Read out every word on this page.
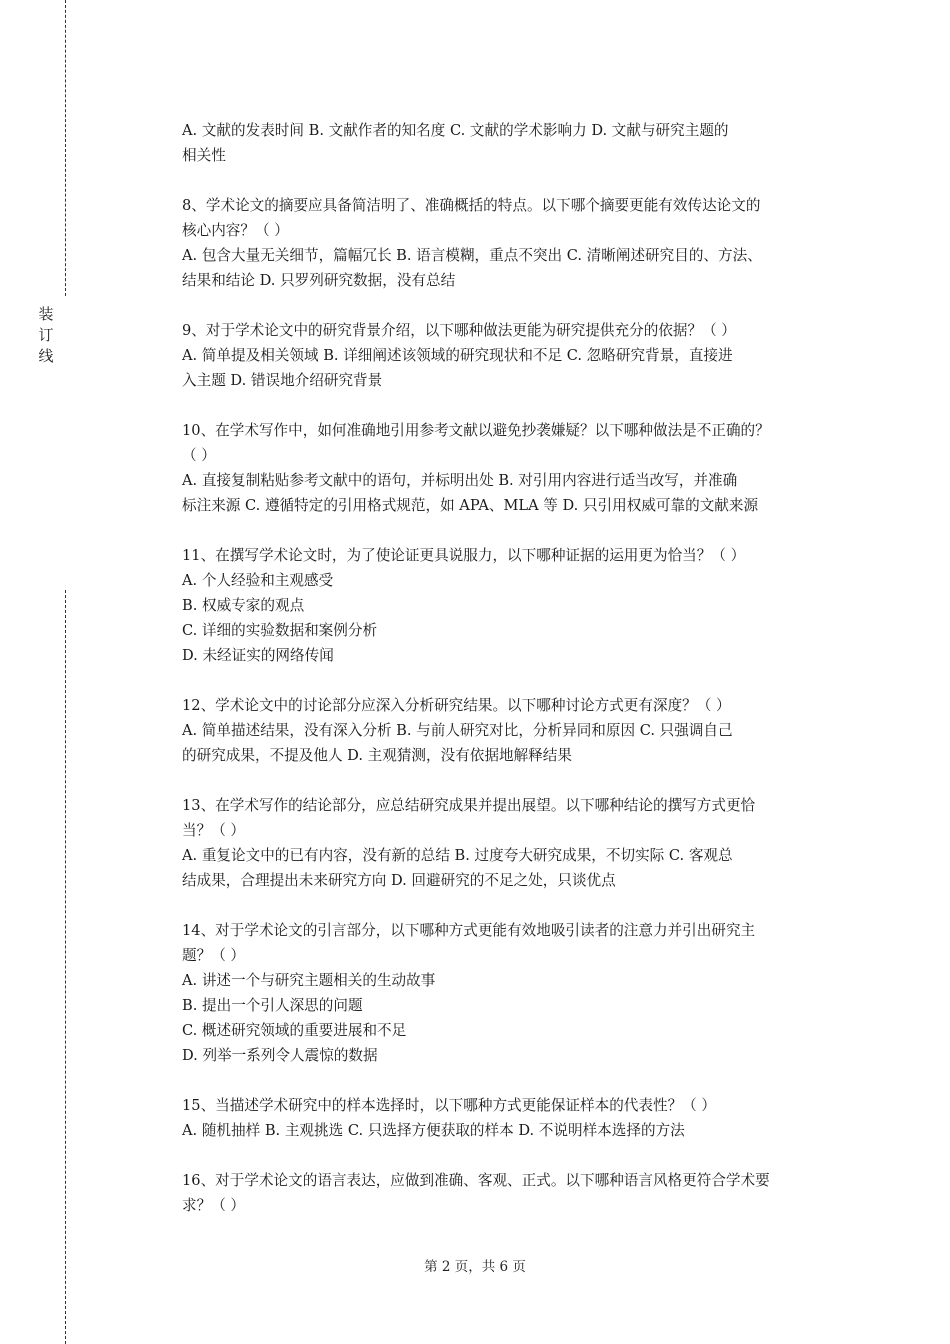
装
订
线
A. 文献的发表时间 B. 文献作者的知名度 C. 文献的学术影响力 D. 文献与研究主题的
相关性
8、学术论文的摘要应具备简洁明了、准确概括的特点。以下哪个摘要更能有效传达论文的
核心内容？（ ）
A. 包含大量无关细节，篇幅冗长 B. 语言模糊，重点不突出 C. 清晰阐述研究目的、方法、
结果和结论 D. 只罗列研究数据，没有总结
9、对于学术论文中的研究背景介绍，以下哪种做法更能为研究提供充分的依据？（ ）
A. 简单提及相关领域 B. 详细阐述该领域的研究现状和不足 C. 忽略研究背景，直接进
入主题 D. 错误地介绍研究背景
10、在学术写作中，如何准确地引用参考文献以避免抄袭嫌疑？以下哪种做法是不正确的？
（ ）
A. 直接复制粘贴参考文献中的语句，并标明出处 B. 对引用内容进行适当改写，并准确
标注来源 C. 遵循特定的引用格式规范，如 APA、MLA 等 D. 只引用权威可靠的文献来源
11、在撰写学术论文时，为了使论证更具说服力，以下哪种证据的运用更为恰当？（ ）
A. 个人经验和主观感受
B. 权威专家的观点
C. 详细的实验数据和案例分析
D. 未经证实的网络传闻
12、学术论文中的讨论部分应深入分析研究结果。以下哪种讨论方式更有深度？（ ）
A. 简单描述结果，没有深入分析 B. 与前人研究对比，分析异同和原因 C. 只强调自己
的研究成果，不提及他人 D. 主观猜测，没有依据地解释结果
13、在学术写作的结论部分，应总结研究成果并提出展望。以下哪种结论的撰写方式更恰
当？（ ）
A. 重复论文中的已有内容，没有新的总结 B. 过度夸大研究成果，不切实际 C. 客观总
结成果，合理提出未来研究方向 D. 回避研究的不足之处，只谈优点
14、对于学术论文的引言部分，以下哪种方式更能有效地吸引读者的注意力并引出研究主
题？（ ）
A. 讲述一个与研究主题相关的生动故事
B. 提出一个引人深思的问题
C. 概述研究领域的重要进展和不足
D. 列举一系列令人震惊的数据
15、当描述学术研究中的样本选择时，以下哪种方式更能保证样本的代表性？（ ）
A. 随机抽样 B. 主观挑选 C. 只选择方便获取的样本 D. 不说明样本选择的方法
16、对于学术论文的语言表达，应做到准确、客观、正式。以下哪种语言风格更符合学术要
求？（ ）
第 2 页，共 6 页
